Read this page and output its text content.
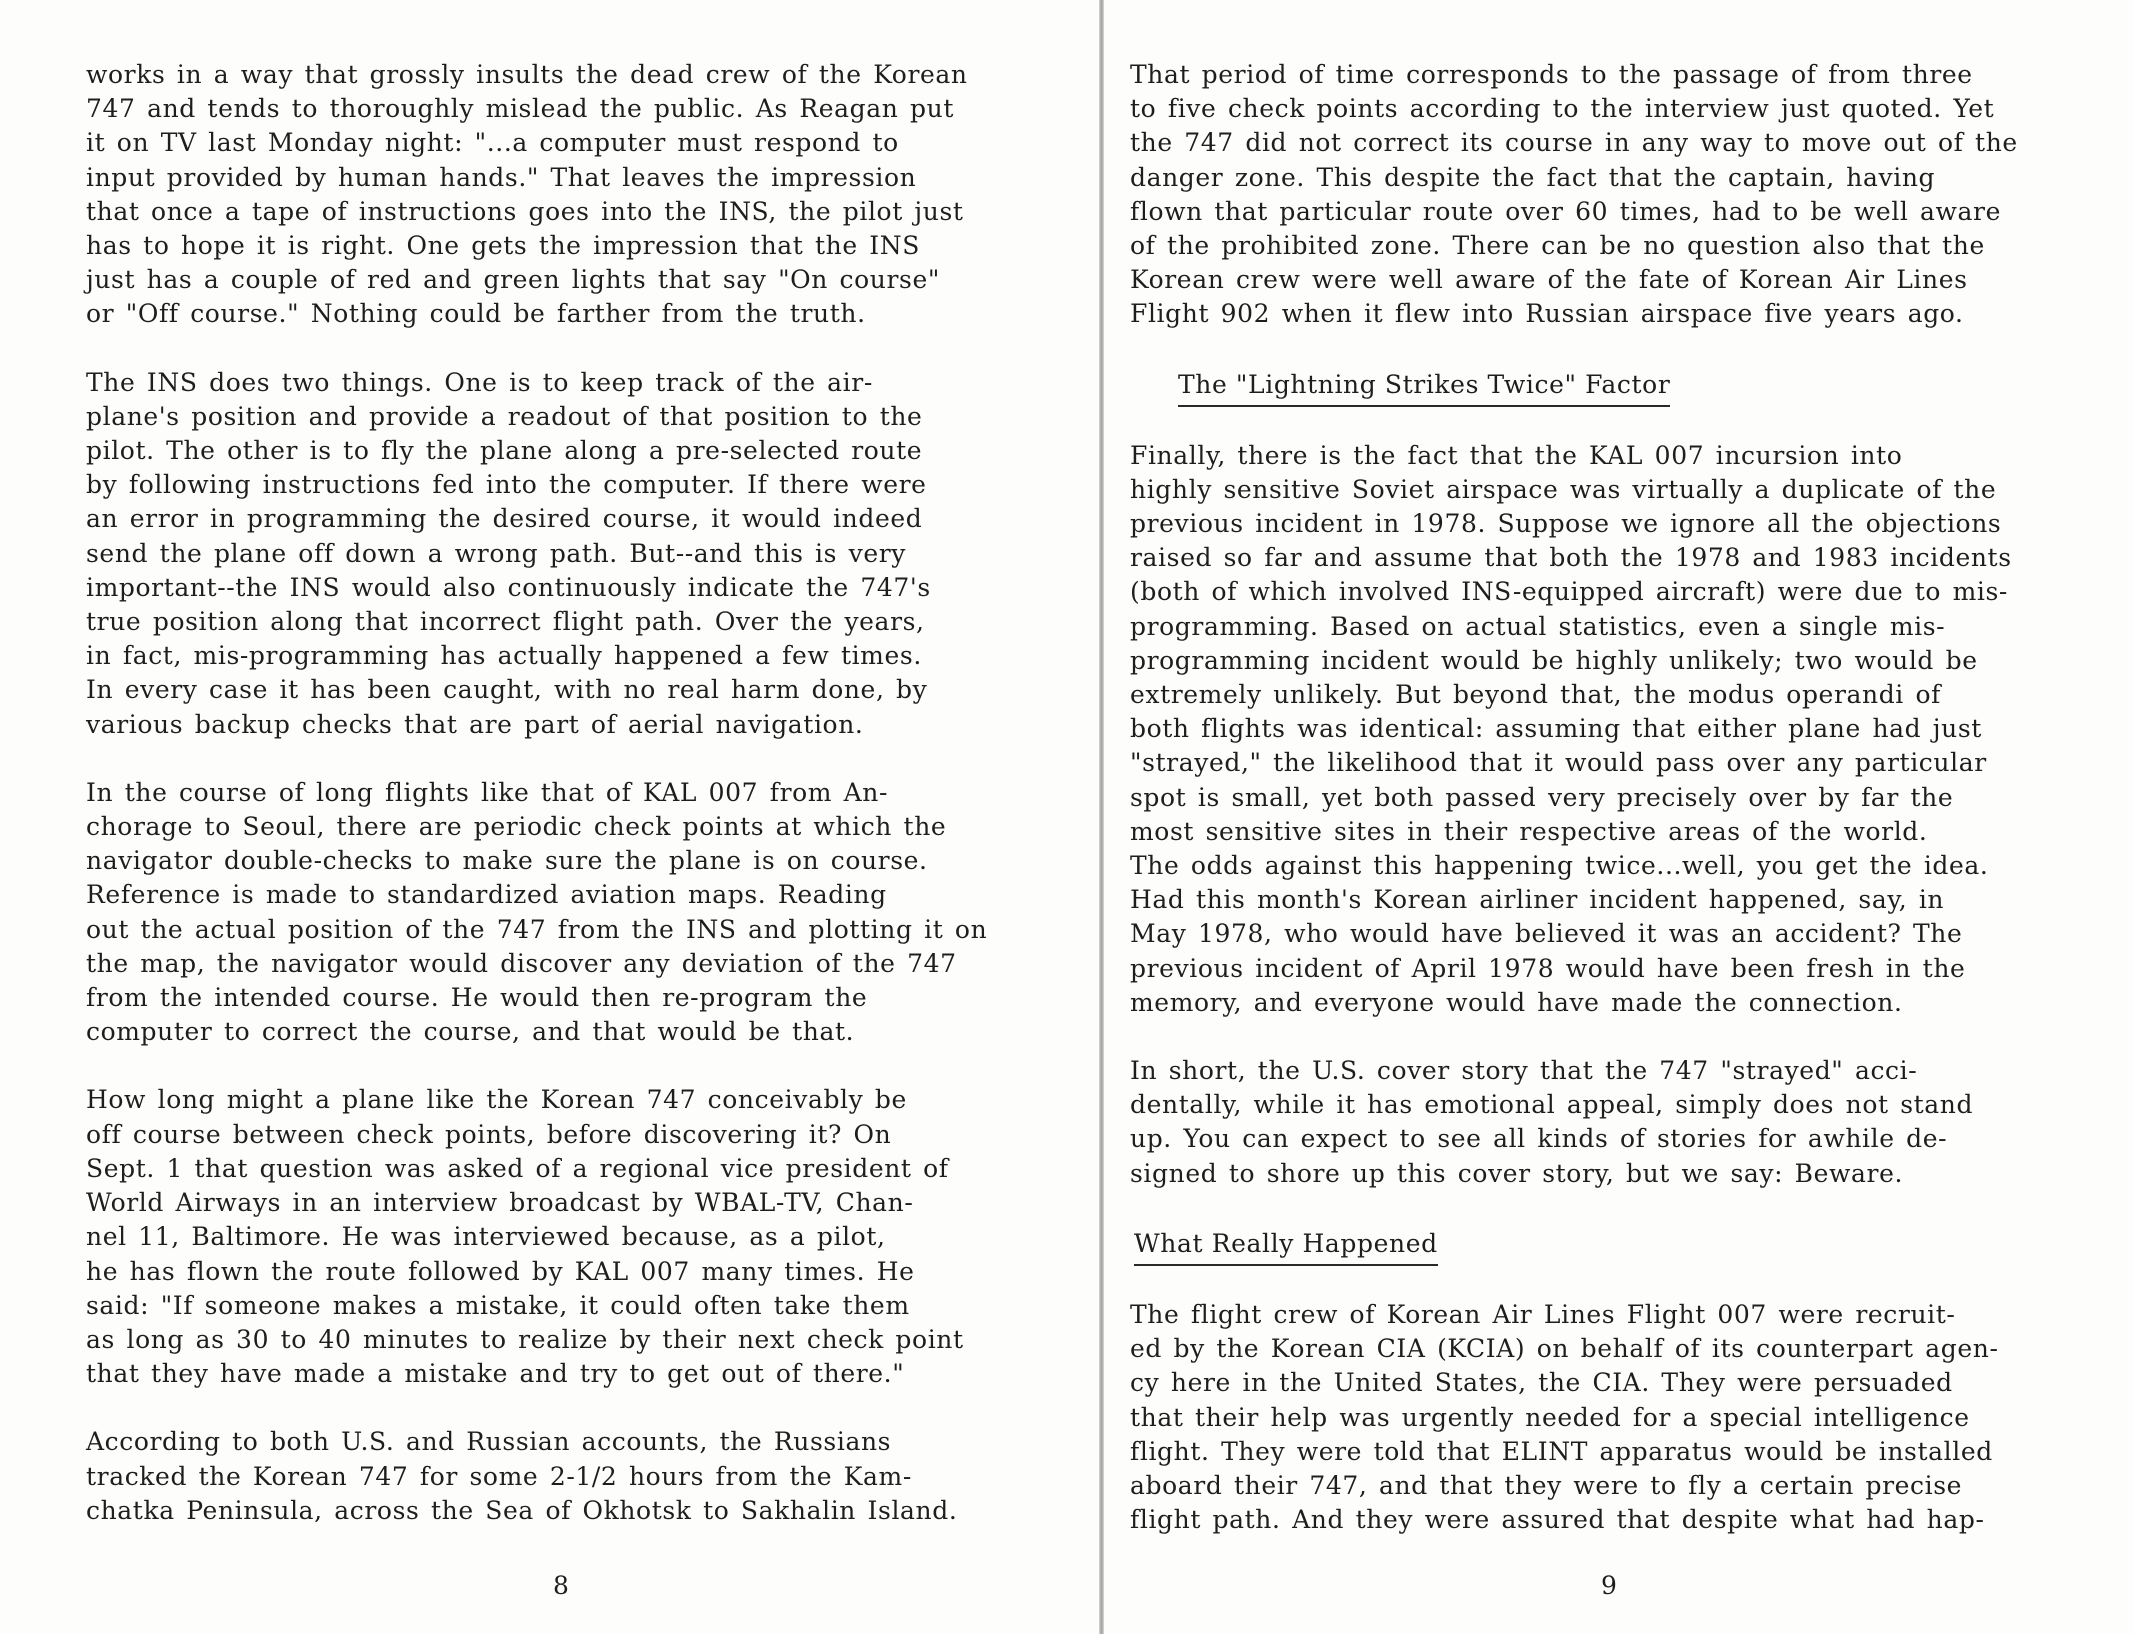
works in a way that grossly insults the dead crew of the Korean
747 and tends to thoroughly mislead the public. As Reagan put
it on TV last Monday night: "...a computer must respond to
input provided by human hands." That leaves the impression
that once a tape of instructions goes into the INS, the pilot just
has to hope it is right. One gets the impression that the INS
just has a couple of red and green lights that say "On course"
or "Off course." Nothing could be farther from the truth.

The INS does two things. One is to keep track of the air-
plane's position and provide a readout of that position to the
pilot. The other is to fly the plane along a pre-selected route
by following instructions fed into the computer. If there were
an error in programming the desired course, it would indeed
send the plane off down a wrong path. But--and this is very
important--the INS would also continuously indicate the 747's
true position along that incorrect flight path. Over the years,
in fact, mis-programming has actually happened a few times.
In every case it has been caught, with no real harm done, by
various backup checks that are part of aerial navigation.

In the course of long flights like that of KAL 007 from An-
chorage to Seoul, there are periodic check points at which the
navigator double-checks to make sure the plane is on course.
Reference is made to standardized aviation maps. Reading
out the actual position of the 747 from the INS and plotting it on
the map, the navigator would discover any deviation of the 747
from the intended course. He would then re-program the
computer to correct the course, and that would be that.

How long might a plane like the Korean 747 conceivably be
off course between check points, before discovering it? On
Sept. 1 that question was asked of a regional vice president of
World Airways in an interview broadcast by WBAL-TV, Chan-
nel 11, Baltimore. He was interviewed because, as a pilot,
he has flown the route followed by KAL 007 many times. He
said: "If someone makes a mistake, it could often take them
as long as 30 to 40 minutes to realize by their next check point
that they have made a mistake and try to get out of there."

According to both U.S. and Russian accounts, the Russians
tracked the Korean 747 for some 2-1/2 hours from the Kam-
chatka Peninsula, across the Sea of Okhotsk to Sakhalin Island.

8

That period of time corresponds to the passage of from three
to five check points according to the interview just quoted. Yet
the 747 did not correct its course in any way to move out of the
danger zone. This despite the fact that the captain, having
flown that particular route over 60 times, had to be well aware
of the prohibited zone. There can be no question also that the
Korean crew were well aware of the fate of Korean Air Lines
Flight 902 when it flew into Russian airspace five years ago.

The "Lightning Strikes Twice" Factor

Finally, there is the fact that the KAL 007 incursion into
highly sensitive Soviet airspace was virtually a duplicate of the
previous incident in 1978. Suppose we ignore all the objections
raised so far and assume that both the 1978 and 1983 incidents
(both of which involved INS-equipped aircraft) were due to mis-
programming. Based on actual statistics, even a single mis-
programming incident would be highly unlikely; two would be
extremely unlikely. But beyond that, the modus operandi of
both flights was identical: assuming that either plane had just
"strayed," the likelihood that it would pass over any particular
spot is small, yet both passed very precisely over by far the
most sensitive sites in their respective areas of the world.
The odds against this happening twice...well, you get the idea.
Had this month's Korean airliner incident happened, say, in
May 1978, who would have believed it was an accident? The
previous incident of April 1978 would have been fresh in the
memory, and everyone would have made the connection.

In short, the U.S. cover story that the 747 "strayed" acci-
dentally, while it has emotional appeal, simply does not stand
up. You can expect to see all kinds of stories for awhile de-
signed to shore up this cover story, but we say: Beware.

What Really Happened

The flight crew of Korean Air Lines Flight 007 were recruit-
ed by the Korean CIA (KCIA) on behalf of its counterpart agen-
cy here in the United States, the CIA. They were persuaded
that their help was urgently needed for a special intelligence
flight. They were told that ELINT apparatus would be installed
aboard their 747, and that they were to fly a certain precise
flight path. And they were assured that despite what had hap-

9
